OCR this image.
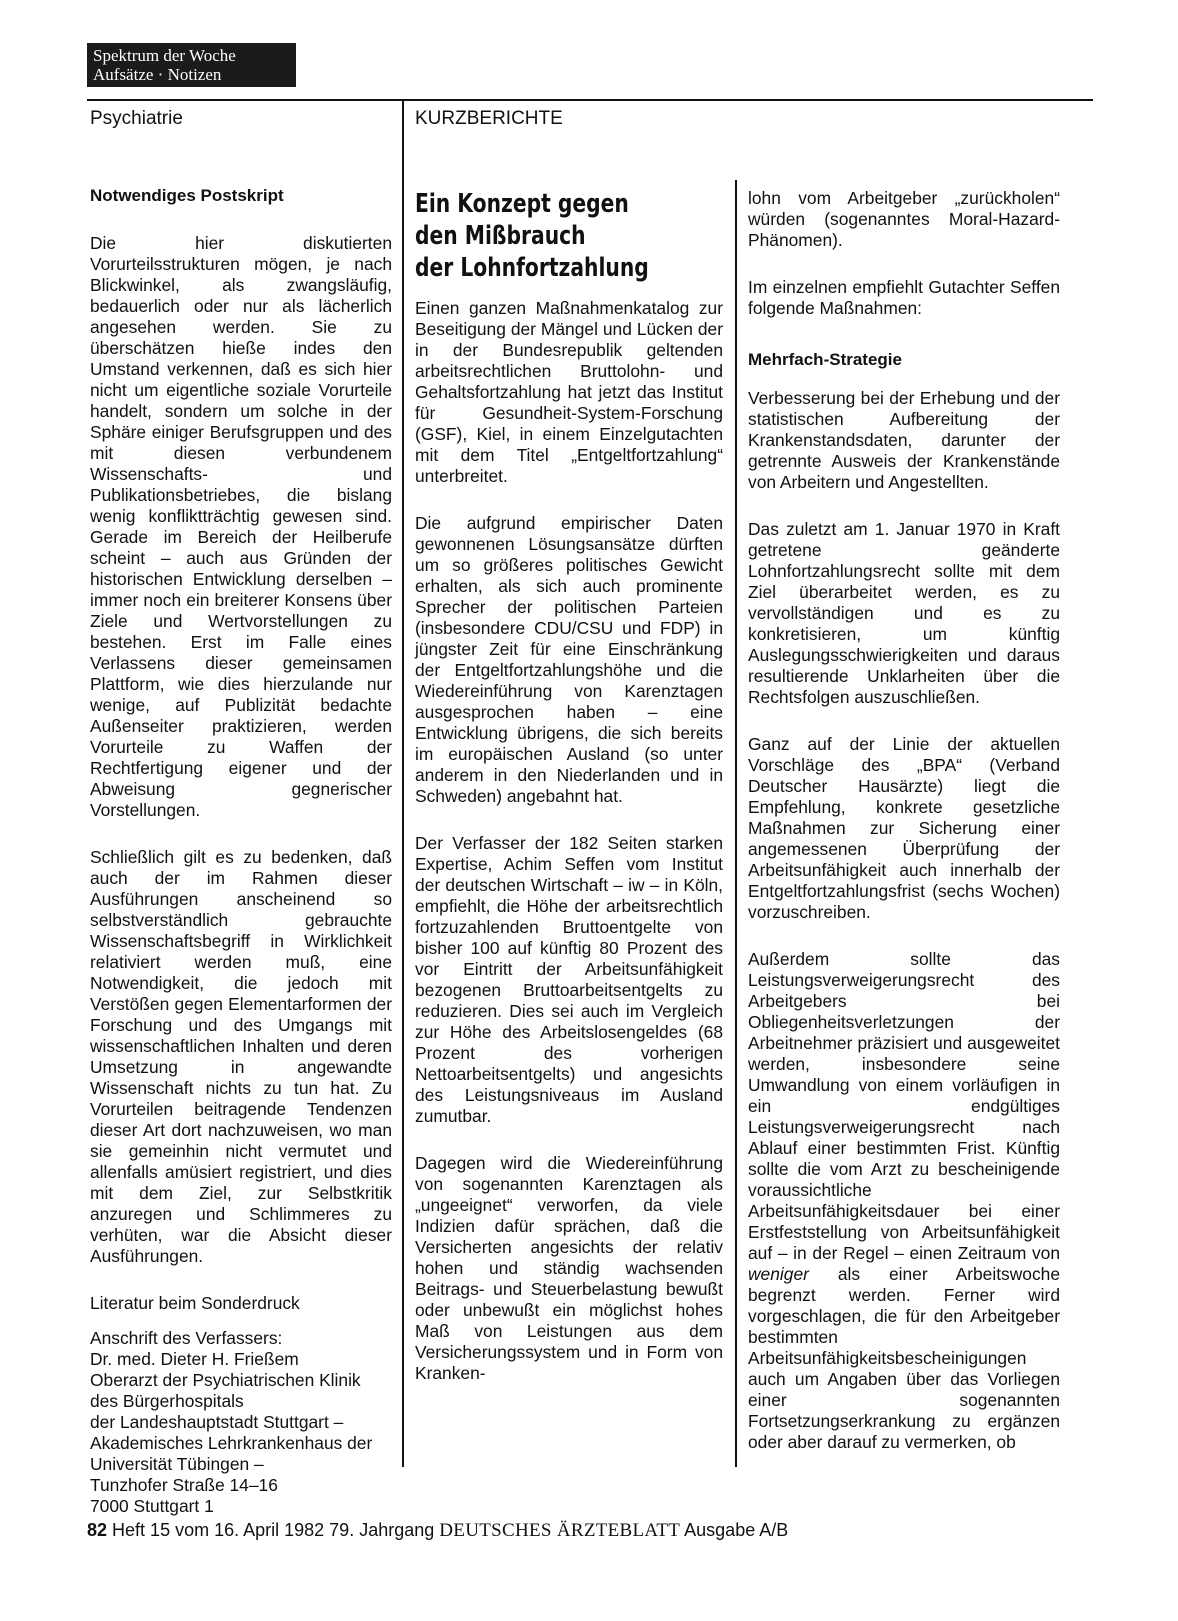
Spektrum der Woche
Aufsätze · Notizen
Psychiatrie	KURZBERICHTE
Notwendiges Postskript

Die hier diskutierten Vorurteilsstrukturen mögen, je nach Blickwinkel, als zwangsläufig, bedauerlich oder nur als lächerlich angesehen werden. Sie zu überschätzen hieße indes den Umstand verkennen, daß es sich hier nicht um eigentliche soziale Vorurteile handelt, sondern um solche in der Sphäre einiger Berufsgruppen und des mit diesen verbundenem Wissenschafts- und Publikationsbetriebes, die bislang wenig konfliktträchtig gewesen sind. Gerade im Bereich der Heilberufe scheint – auch aus Gründen der historischen Entwicklung derselben – immer noch ein breiterer Konsens über Ziele und Wertvorstellungen zu bestehen. Erst im Falle eines Verlassens dieser gemeinsamen Plattform, wie dies hierzulande nur wenige, auf Publizität bedachte Außenseiter praktizieren, werden Vorurteile zu Waffen der Rechtfertigung eigener und der Abweisung gegnerischer Vorstellungen.

Schließlich gilt es zu bedenken, daß auch der im Rahmen dieser Ausführungen anscheinend so selbstverständlich gebrauchte Wissenschaftsbegriff in Wirklichkeit relativiert werden muß, eine Notwendigkeit, die jedoch mit Verstößen gegen Elementarformen der Forschung und des Umgangs mit wissenschaftlichen Inhalten und deren Umsetzung in angewandte Wissenschaft nichts zu tun hat. Zu Vorurteilen beitragende Tendenzen dieser Art dort nachzuweisen, wo man sie gemeinhin nicht vermutet und allenfalls amüsiert registriert, und dies mit dem Ziel, zur Selbstkritik anzuregen und Schlimmeres zu verhüten, war die Absicht dieser Ausführungen.

Literatur beim Sonderdruck

Anschrift des Verfassers:

Dr. med. Dieter H. Frießem

Oberarzt der Psychiatrischen Klinik

des Bürgerhospitals

der Landeshauptstadt Stuttgart –

Akademisches Lehrkrankenhaus der

Universität Tübingen –

Tunzhofer Straße 14–16

7000 Stuttgart 1

Ein Konzept gegen
den Mißbrauch
der Lohnfortzahlung

Einen ganzen Maßnahmenkatalog zur Beseitigung der Mängel und Lücken der in der Bundesrepublik geltenden arbeitsrechtlichen Bruttolohn- und Gehaltsfortzahlung hat jetzt das Institut für Gesundheit-System-Forschung (GSF), Kiel, in einem Einzelgutachten mit dem Titel „Entgeltfortzahlung“ unterbreitet.

Die aufgrund empirischer Daten gewonnenen Lösungsansätze dürften um so größeres politisches Gewicht erhalten, als sich auch prominente Sprecher der politischen Parteien (insbesondere CDU/CSU und FDP) in jüngster Zeit für eine Einschränkung der Entgeltfortzahlungshöhe und die Wiedereinführung von Karenztagen ausgesprochen haben – eine Entwicklung übrigens, die sich bereits im europäischen Ausland (so unter anderem in den Niederlanden und in Schweden) angebahnt hat.

Der Verfasser der 182 Seiten starken Expertise, Achim Seffen vom Institut der deutschen Wirtschaft – iw – in Köln, empfiehlt, die Höhe der arbeitsrechtlich fortzuzahlenden Bruttoentgelte von bisher 100 auf künftig 80 Prozent des vor Eintritt der Arbeitsunfähigkeit bezogenen Bruttoarbeitsentgelts zu reduzieren. Dies sei auch im Vergleich zur Höhe des Arbeitslosengeldes (68 Prozent des vorherigen Nettoarbeitsentgelts) und angesichts des Leistungsniveaus im Ausland zumutbar.

Dagegen wird die Wiedereinführung von sogenannten Karenztagen als „ungeeignet“ verworfen, da viele Indizien dafür sprächen, daß die Versicherten angesichts der relativ hohen und ständig wachsenden Beitrags- und Steuerbelastung bewußt oder unbewußt ein möglichst hohes Maß von Leistungen aus dem Versicherungssystem und in Form von Kranken-

lohn vom Arbeitgeber „zurückholen“ würden (sogenanntes Moral-Hazard-Phänomen).

Im einzelnen empfiehlt Gutachter Seffen folgende Maßnahmen:

Mehrfach-Strategie

Verbesserung bei der Erhebung und der statistischen Aufbereitung der Krankenstandsdaten, darunter der getrennte Ausweis der Krankenstände von Arbeitern und Angestellten.

Das zuletzt am 1. Januar 1970 in Kraft getretene geänderte Lohnfortzahlungsrecht sollte mit dem Ziel überarbeitet werden, es zu vervollständigen und es zu konkretisieren, um künftig Auslegungsschwierigkeiten und daraus resultierende Unklarheiten über die Rechtsfolgen auszuschließen.

Ganz auf der Linie der aktuellen Vorschläge des „BPA“ (Verband Deutscher Hausärzte) liegt die Empfehlung, konkrete gesetzliche Maßnahmen zur Sicherung einer angemessenen Überprüfung der Arbeitsunfähigkeit auch innerhalb der Entgeltfortzahlungsfrist (sechs Wochen) vorzuschreiben.

Außerdem sollte das Leistungsverweigerungsrecht des Arbeitgebers bei Obliegenheitsverletzungen der Arbeitnehmer präzisiert und ausgeweitet werden, insbesondere seine Umwandlung von einem vorläufigen in ein endgültiges Leistungsverweigerungsrecht nach Ablauf einer bestimmten Frist. Künftig sollte die vom Arzt zu bescheinigende voraussichtliche Arbeitsunfähigkeitsdauer bei einer Erstfeststellung von Arbeitsunfähigkeit auf – in der Regel – einen Zeitraum von weniger als einer Arbeitswoche begrenzt werden. Ferner wird vorgeschlagen, die für den Arbeitgeber bestimmten Arbeitsunfähigkeitsbescheinigungen auch um Angaben über das Vorliegen einer sogenannten Fortsetzungserkrankung zu ergänzen oder aber darauf zu vermerken, ob

82 Heft 15 vom 16. April 1982 79. Jahrgang DEUTSCHES ÄRZTEBLATT Ausgabe A/B
